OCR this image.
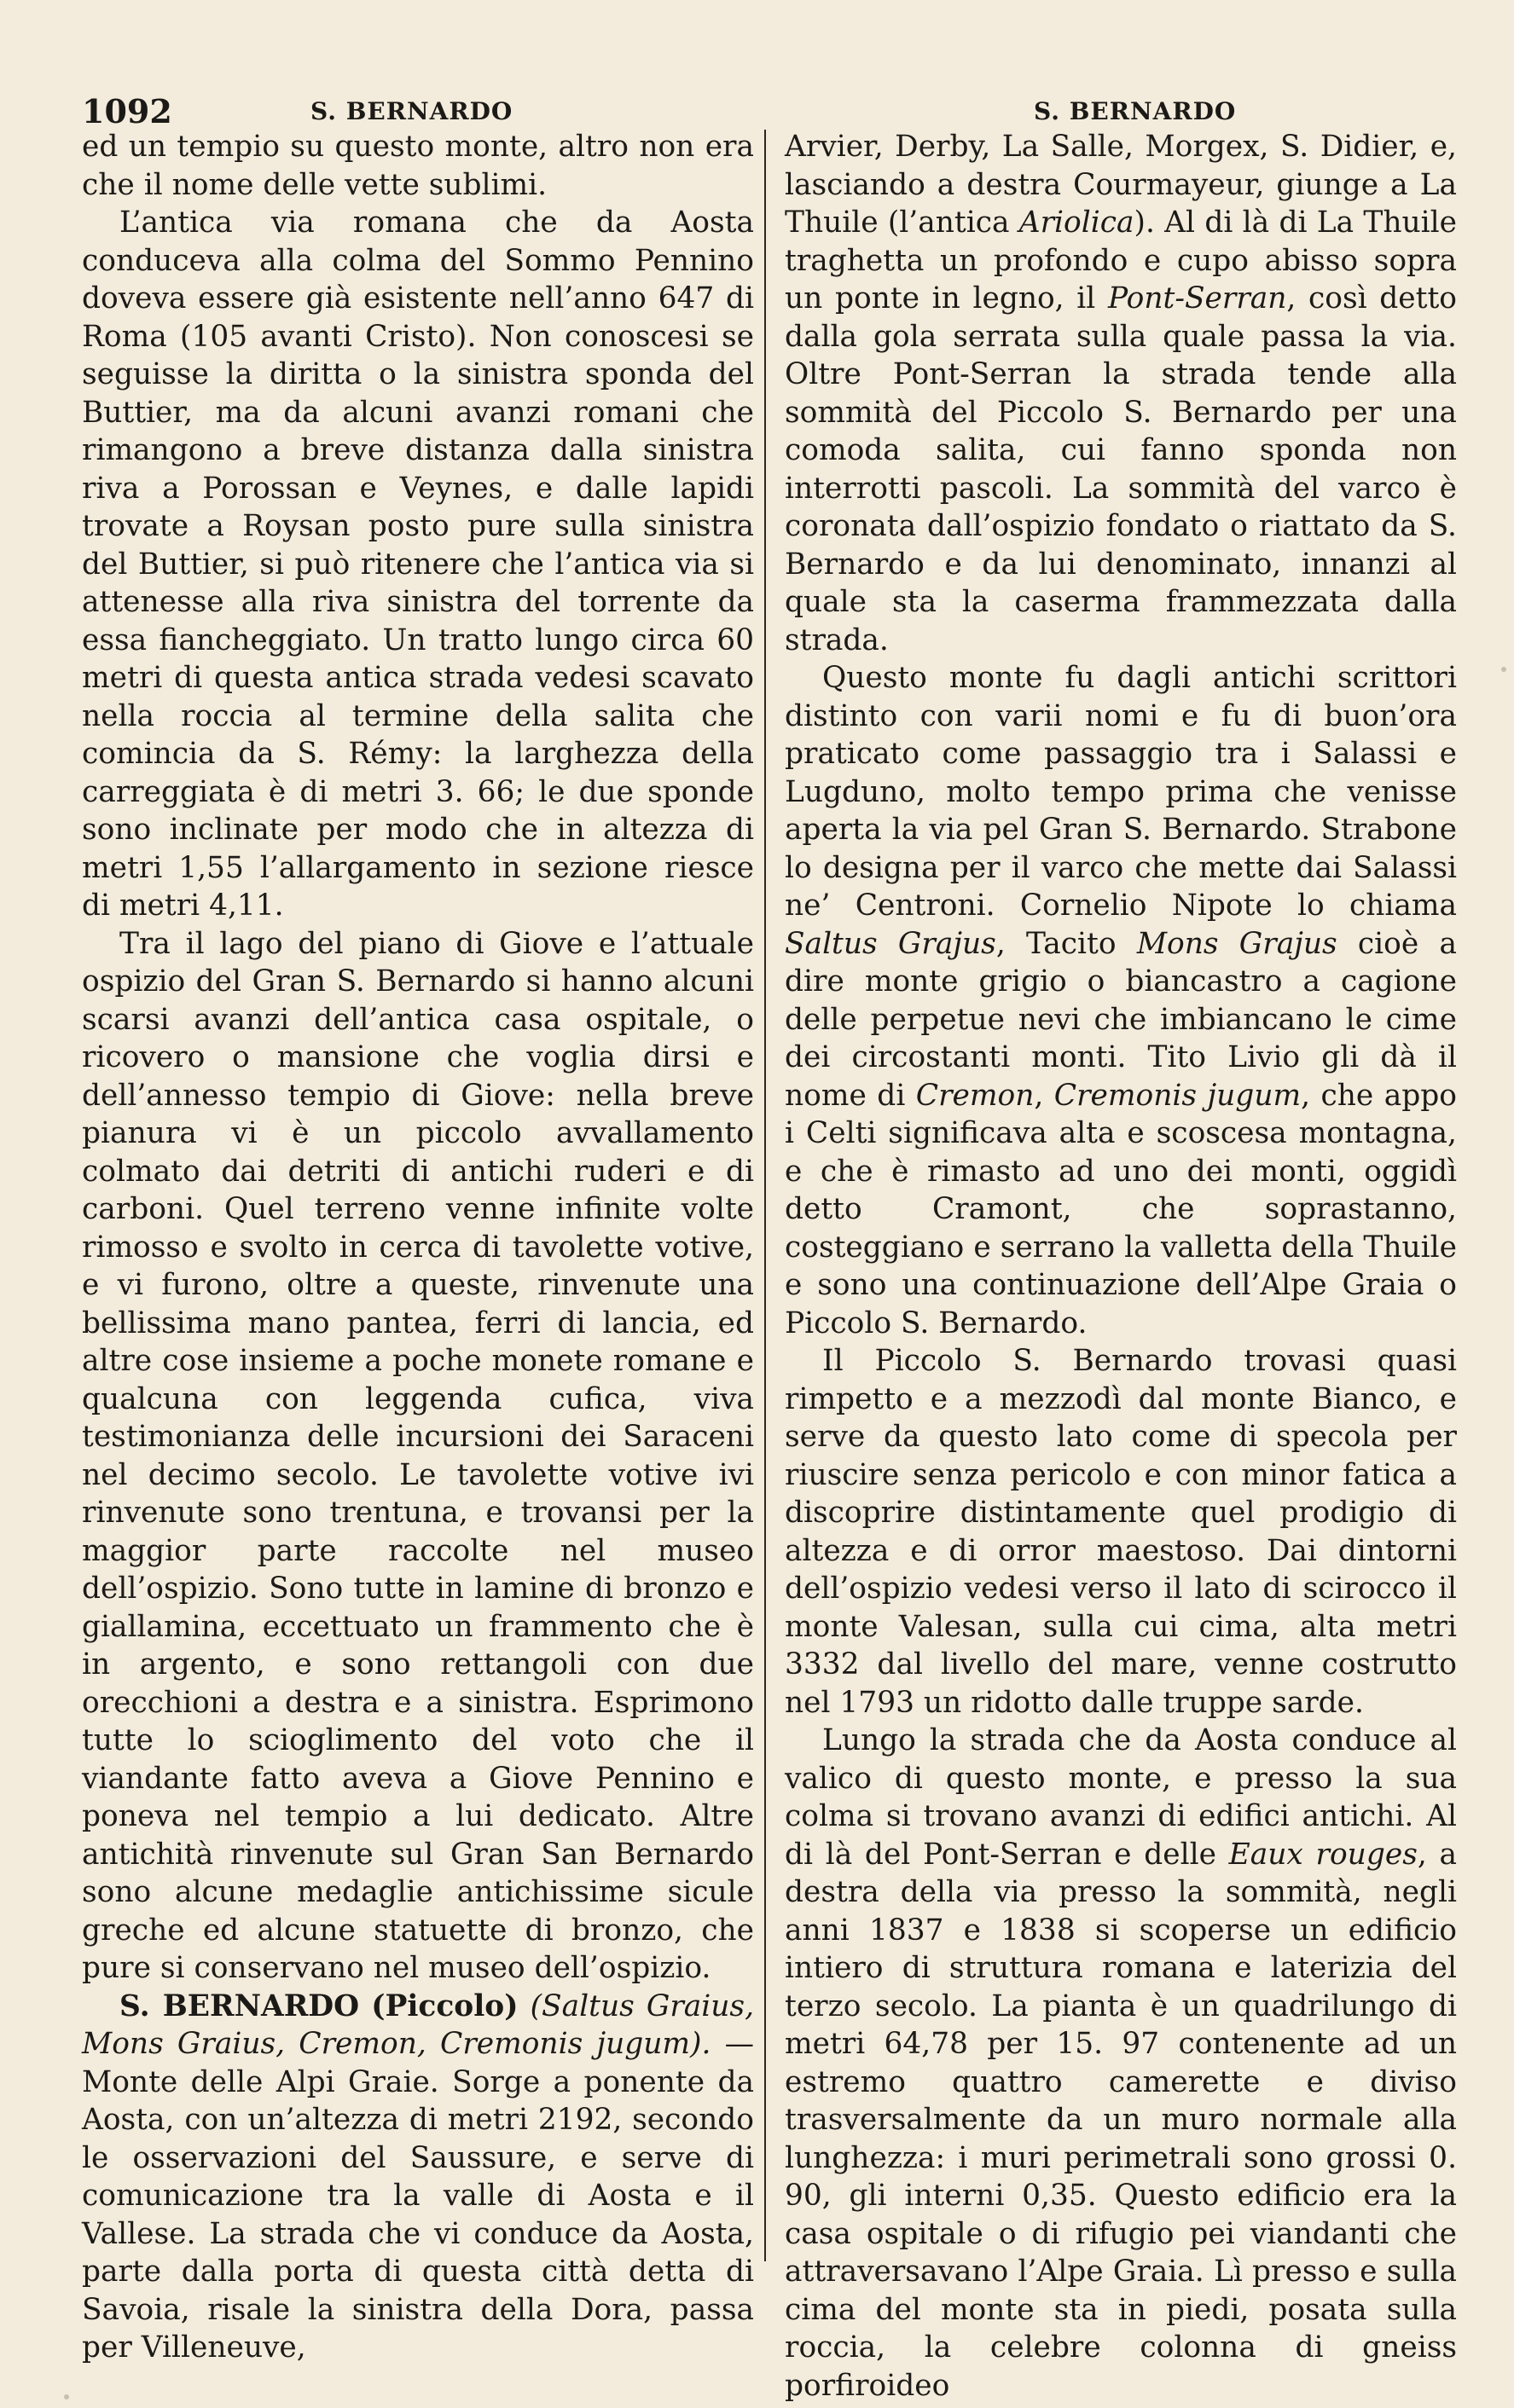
1092	S. BERNARDO	S. BERNARDO

ed un tempio su questo monte, altro non era che il nome delle vette sublimi.

L’antica via romana che da Aosta conduceva alla colma del Sommo Pennino doveva essere già esistente nell’anno 647 di Roma (105 avanti Cristo). Non conoscesi se seguisse la diritta o la sinistra sponda del Buttier, ma da alcuni avanzi romani che rimangono a breve distanza dalla sinistra riva a Porossan e Veynes, e dalle lapidi trovate a Roysan posto pure sulla sinistra del Buttier, si può ritenere che l’antica via si attenesse alla riva sinistra del torrente da essa fiancheggiato. Un tratto lungo circa 60 metri di questa antica strada vedesi scavato nella roccia al termine della salita che comincia da S. Rémy: la larghezza della carreggiata è di metri 3. 66; le due sponde sono inclinate per modo che in altezza di metri 1,55 l’allargamento in sezione riesce di metri 4,11.

Tra il lago del piano di Giove e l’attuale ospizio del Gran S. Bernardo si hanno alcuni scarsi avanzi dell’antica casa ospitale, o ricovero o mansione che voglia dirsi e dell’annesso tempio di Giove: nella breve pianura vi è un piccolo avvallamento colmato dai detriti di antichi ruderi e di carboni. Quel terreno venne infinite volte rimosso e svolto in cerca di tavolette votive, e vi furono, oltre a queste, rinvenute una bellissima mano pantea, ferri di lancia, ed altre cose insieme a poche monete romane e qualcuna con leggenda cufica, viva testimonianza delle incursioni dei Saraceni nel decimo secolo. Le tavolette votive ivi rinvenute sono trentuna, e trovansi per la maggior parte raccolte nel museo dell’ospizio. Sono tutte in lamine di bronzo e giallamina, eccettuato un frammento che è in argento, e sono rettangoli con due orecchioni a destra e a sinistra. Esprimono tutte lo scioglimento del voto che il viandante fatto aveva a Giove Pennino e poneva nel tempio a lui dedicato. Altre antichità rinvenute sul Gran San Bernardo sono alcune medaglie antichissime sicule greche ed alcune statuette di bronzo, che pure si conservano nel museo dell’ospizio.

S. BERNARDO (Piccolo) (Saltus Graius, Mons Graius, Cremon, Cremonis jugum). — Monte delle Alpi Graie. Sorge a ponente da Aosta, con un’altezza di metri 2192, secondo le osservazioni del Saussure, e serve di comunicazione tra la valle di Aosta e il Vallese. La strada che vi conduce da Aosta, parte dalla porta di questa città detta di Savoia, risale la sinistra della Dora, passa per Villeneuve,

Arvier, Derby, La Salle, Morgex, S. Didier, e, lasciando a destra Courmayeur, giunge a La Thuile (l’antica Ariolica). Al di là di La Thuile traghetta un profondo e cupo abisso sopra un ponte in legno, il Pont-Serran, così detto dalla gola serrata sulla quale passa la via. Oltre Pont-Serran la strada tende alla sommità del Piccolo S. Bernardo per una comoda salita, cui fanno sponda non interrotti pascoli. La sommità del varco è coronata dall’ospizio fondato o riattato da S. Bernardo e da lui denominato, innanzi al quale sta la caserma frammezzata dalla strada.

Questo monte fu dagli antichi scrittori distinto con varii nomi e fu di buon’ora praticato come passaggio tra i Salassi e Lugduno, molto tempo prima che venisse aperta la via pel Gran S. Bernardo. Strabone lo designa per il varco che mette dai Salassi ne’ Centroni. Cornelio Nipote lo chiama Saltus Grajus, Tacito Mons Grajus cioè a dire monte grigio o biancastro a cagione delle perpetue nevi che imbiancano le cime dei circostanti monti. Tito Livio gli dà il nome di Cremon, Cremonis jugum, che appo i Celti significava alta e scoscesa montagna, e che è rimasto ad uno dei monti, oggidì detto Cramont, che soprastanno, costeggiano e serrano la valletta della Thuile e sono una continuazione dell’Alpe Graia o Piccolo S. Bernardo.

Il Piccolo S. Bernardo trovasi quasi rimpetto e a mezzodì dal monte Bianco, e serve da questo lato come di specola per riuscire senza pericolo e con minor fatica a discoprire distintamente quel prodigio di altezza e di orror maestoso. Dai dintorni dell’ospizio vedesi verso il lato di scirocco il monte Valesan, sulla cui cima, alta metri 3332 dal livello del mare, venne costrutto nel 1793 un ridotto dalle truppe sarde.

Lungo la strada che da Aosta conduce al valico di questo monte, e presso la sua colma si trovano avanzi di edifici antichi. Al di là del Pont-Serran e delle Eaux rouges, a destra della via presso la sommità, negli anni 1837 e 1838 si scoperse un edificio intiero di struttura romana e laterizia del terzo secolo. La pianta è un quadrilungo di metri 64,78 per 15. 97 contenente ad un estremo quattro camerette e diviso trasversalmente da un muro normale alla lunghezza: i muri perimetrali sono grossi 0. 90, gli interni 0,35. Questo edificio era la casa ospitale o di rifugio pei viandanti che attraversavano l’Alpe Graia. Lì presso e sulla cima del monte sta in piedi, posata sulla roccia, la celebre colonna di gneiss porfiroideo
